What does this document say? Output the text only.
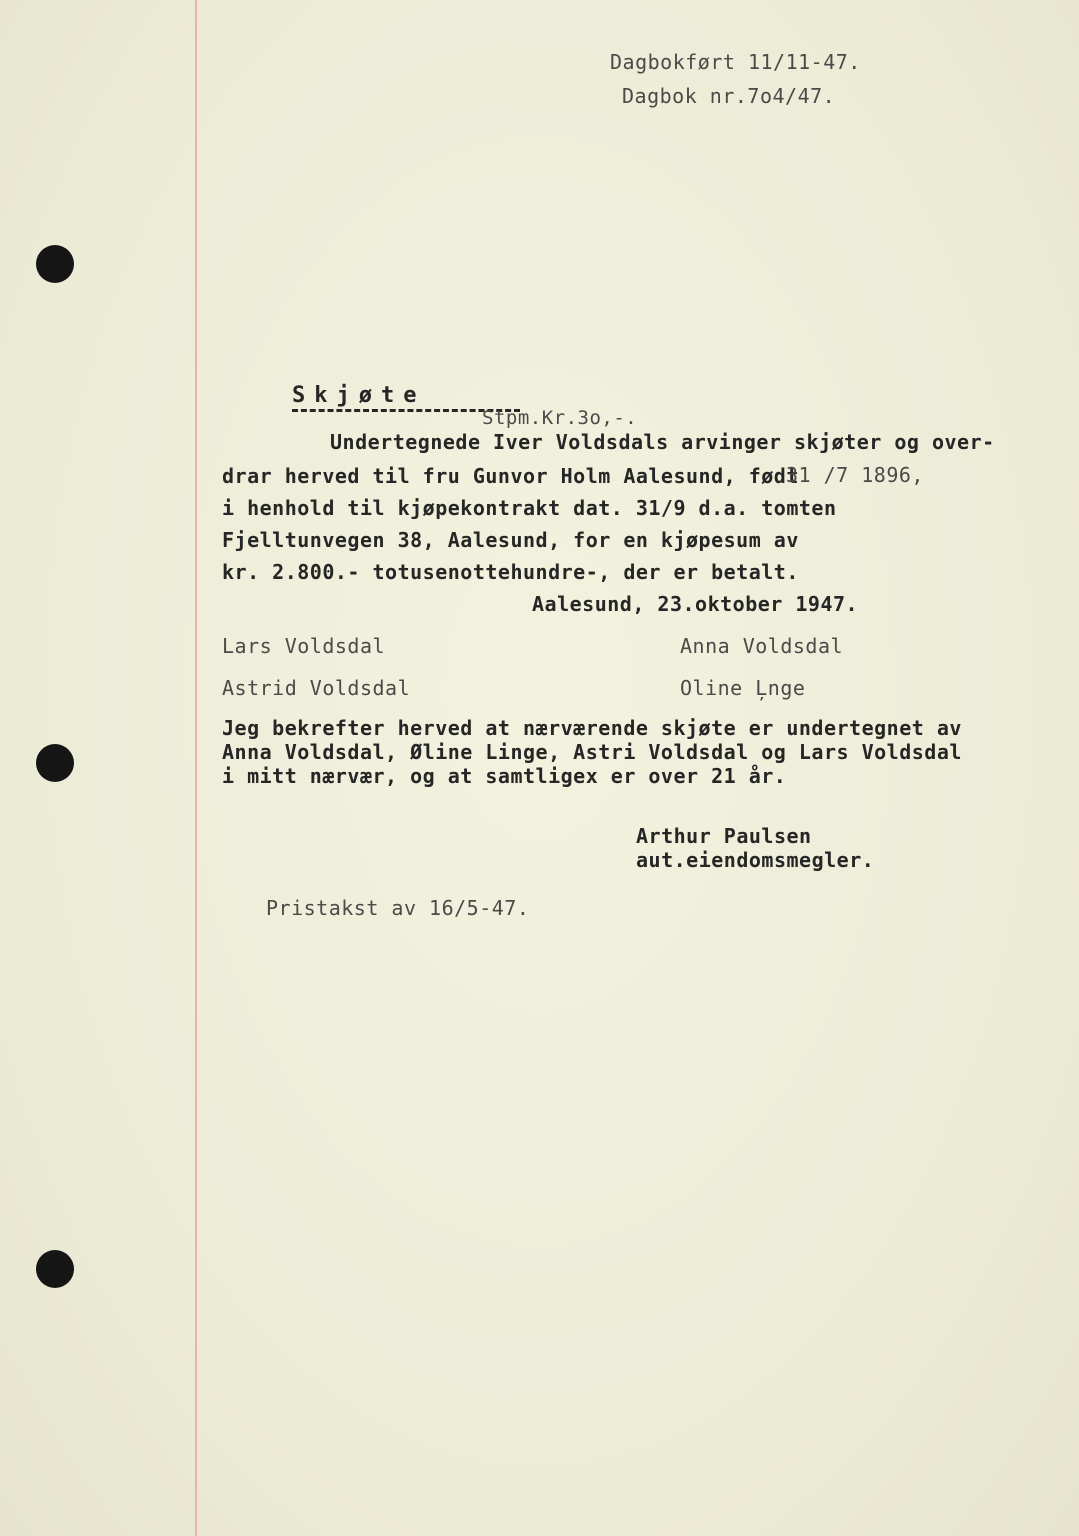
Dagbokført 11/11-47.
Dagbok nr.7o4/47.
Skjøte
Stpm.Kr.3o,-.
Undertegnede Iver Voldsdals arvinger skjøter og over-
drar herved til fru Gunvor Holm Aalesund, født
31 /7 1896,
i henhold til kjøpekontrakt dat. 31/9 d.a. tomten
Fjelltunvegen 38, Aalesund, for en kjøpesum av
kr. 2.800.- totusenottehundre-, der er betalt.
Aalesund, 23.oktober 1947.
Lars Voldsdal	Anna Voldsdal
Astrid Voldsdal	Oline Ļnge
Jeg bekrefter herved at nærværende skjøte er undertegnet av
Anna Voldsdal, Øline Linge, Astri Voldsdal og Lars Voldsdal
i mitt nærvær, og at samtligex er over 21 år.
Arthur Paulsen
aut.eiendomsmegler.
Pristakst av 16/5-47.
